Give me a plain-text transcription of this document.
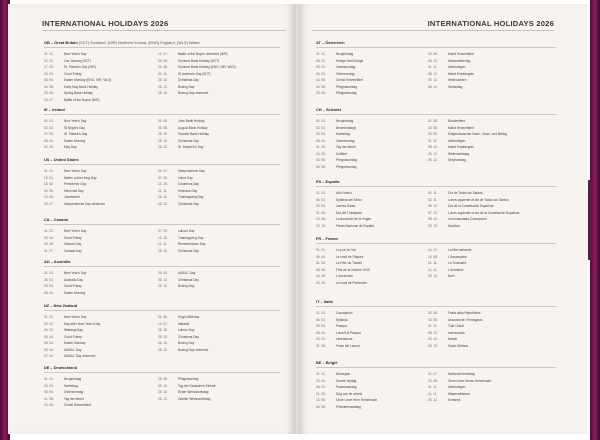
INTERNATIONAL HOLIDAYS 2026
GB – Great Britain (SCT) Scotland, (NIR) Northern Ireland, (ENG) England, (WLS) Wales
01. 01.	New Year's Day
02. 01.	2nd January (SCT)
17. 03.	St. Patrick's Day (NIR)
03. 04.	Good Friday
06. 04.	Easter Monday (ENG, NIR, WLS)
04. 05.	Early May Bank Holiday
25. 05.	Spring Bank Holiday
13. 07.	Battle of the Boyne (NIR)
12. 07.	Battle of the Boyne observed (NIR)
03. 08.	Summer Bank Holiday (SCT)
31. 08.	Summer Bank Holiday (ENG, NIR, WLS)
30. 11.	St Andrew's Day (SCT)
25. 12.	Christmas Day
26. 12.	Boxing Day
28. 12.	Boxing Day observed
IE – Ireland
01. 01.	New Year's Day
02. 02.	St Brigid's Day
17. 03.	St. Patrick's Day
06. 04.	Easter Monday
04. 05.	May Day
01. 06.	June Bank Holiday
03. 08.	August Bank Holiday
26. 10.	October Bank Holiday
25. 12.	Christmas Day
26. 12.	St. Stephen's Day
US – United States
01. 01.	New Year's Day
19. 01.	Martin Luther King Day
16. 02.	Presidents' Day
25. 05.	Memorial Day
19. 06.	Juneteenth
03. 07.	Independence Day observed
04. 07.	Independence Day
07. 09.	Labor Day
12. 10.	Columbus Day
11. 11.	Veterans Day
26. 11.	Thanksgiving Day
25. 12.	Christmas Day
CA – Canada
01. 01.	New Year's Day
03. 04.	Good Friday
18. 05.	Victoria Day
01. 07.	Canada Day
07. 09.	Labour Day
12. 10.	Thanksgiving Day
11. 11.	Remembrance Day
25. 12.	Christmas Day
AU – Australia
01. 01.	New Year's Day
26. 01.	Australia Day
03. 04.	Good Friday
06. 04.	Easter Monday
25. 04.	ANZAC Day
25. 12.	Christmas Day
26. 12.	Boxing Day
NZ – New Zealand
01. 01.	New Year's Day
02. 01.	Day after New Year's Day
06. 02.	Waitangi Day
03. 04.	Good Friday
06. 04.	Easter Monday
25. 04.	ANZAC Day
27. 04.	ANZAC Day observed
01. 06.	King's Birthday
10. 07.	Matariki
26. 10.	Labour Day
25. 12.	Christmas Day
26. 12.	Boxing Day
28. 12.	Boxing Day observed
DE – Deutschland
01. 01.	Neujahrstag
03. 04.	Karfreitag
05. 04.	Ostersonntag
01. 05.	Tag der Arbeit
14. 05.	Christi Himmelfahrt
25. 05.	Pfingstmontag
03. 10.	Tag der Deutschen Einheit
25. 12.	Erster Weihnachtstag
26. 12.	Zweiter Weihnachtstag
INTERNATIONAL HOLIDAYS 2026
AT – Österreich
01. 01.	Neujahrstag
06. 01.	Heilige Drei Könige
05. 04.	Ostersonntag
06. 04.	Ostermontag
14. 05.	Christi Himmelfahrt
24. 05.	Pfingstsonntag
25. 05.	Pfingstmontag
15. 08.	Mariä Himmelfahrt
26. 10.	Nationalfeiertag
01. 11.	Allerheiligen
08. 12.	Mariä Empfängnis
25. 12.	Weihnachten
26. 12.	Stefanitag
CH – Schweiz
01. 01.	Neujahrstag
02. 01.	Berchtoldstag
03. 04.	Karfreitag
06. 04.	Ostermontag
01. 05.	Tag der Arbeit
14. 05.	Auffahrt
24. 05.	Pfingstsonntag
25. 05.	Pfingstmontag
01. 08.	Bundesfeier
15. 08.	Mariä Himmelfahrt
20. 09.	Eidgenössischer Dank-, Buss- und Bettag
01. 11.	Allerheiligen
08. 12.	Mariä Empfängnis
25. 12.	Weihnachtstag
26. 12.	Stephanstag
ES – España
01. 01.	Año Nuevo
06. 01.	Epifanía del Señor
02. 04.	Jueves Santo
01. 05.	Día del Trabajador
15. 08.	La Asunción de la Virgen
12. 10.	Fiesta Nacional de España
01. 11.	Día de Todos los Santos
02. 11.	Lunes siguiente al día de Todos los Santos
06. 12.	Día de la Constitución Española
07. 12.	Lunes siguiente al día de la Constitución Española
08. 12.	La Inmaculada Concepción
25. 12.	Navidad
FR – France
01. 01.	Le jour de l'an
06. 04.	Le lundi de Pâques
01. 05.	La Fête du Travail
08. 05.	Fête de la Victoire 1945
14. 05.	L'Ascension
25. 05.	Le lundi de Pentecôte
14. 07.	La fête nationale
15. 08.	L'Assomption
01. 11.	La Toussaint
11. 11.	L'Armistice
25. 12.	Noël
IT – Italia
01. 01.	Capodanno
06. 01.	Epifania
05. 04.	Pasqua
06. 04.	Lunedì di Pasqua
25. 04.	Liberazione
01. 05.	Festa del Lavoro
02. 06.	Festa della Repubblica
15. 08.	Assunzione / Ferragosto
01. 11.	Tutti i Santi
08. 12.	Immacolata
25. 12.	Natale
26. 12.	Santo Stefano
BE – België
01. 01.	Nieuwjaar
03. 04.	Goede Vrijdag
06. 04.	Paasmaandag
01. 05.	Dag van de arbeid
14. 05.	Onze Lieve Heer Hemelvaart
25. 05.	Pinkstermaandag
21. 07.	Nationale feestdag
15. 08.	Onze Lieve Vrouw Hemelvaart
01. 11.	Allerheiligen
11. 11.	Wapenstilstand
25. 12.	Kerstmis
